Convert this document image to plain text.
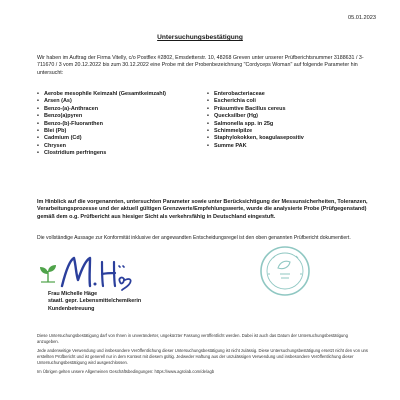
05.01.2023
Untersuchungsbestätigung

Wir haben im Auftrag der Firma Vitelly, c/o Postflex #2802, Emsdetterstr. 10, 48268 Greven unter unserer Prüfberichtsnummer 3188631 / 3-711670 / 3 vom 20.12.2022 bis zum 30.12.2022 eine Probe mit der Probenbezeichnung "Cordyceps Woman" auf folgende Parameter hin untersucht:

• Aerobe mesophile Keimzahl (Gesamtkeimzahl)
• Arsen (As)
• Benzo-(a)-Anthracen
• Benzo(a)pyren
• Benzo-(b)-Fluoranthen
• Blei (Pb)
• Cadmium (Cd)
• Chrysen
• Clostridium perfringens
• Enterobacteriaceae
• Escherichia coli
• Präsumtive Bacillus cereus
• Quecksilber (Hg)
• Salmonella spp. in 25g
• Schimmelpilze
• Staphylokokken, koagulasepositiv
• Summe PAK

Im Hinblick auf die vorgenannten, untersuchten Parameter sowie unter Berücksichtigung der Messunsicherheiten, Toleranzen, Verarbeitungsprozesse und der aktuell gültigen Grenzwerte/Empfehlungswerte, wurde die analysierte Probe (Prüfgegenstand) gemäß dem o.g. Prüfbericht aus hiesiger Sicht als verkehrsfähig in Deutschland eingestuft.

Die vollständige Aussage zur Konformität inklusive der angewandten Entscheidungsregel ist den oben genannten Prüfbericht dokumentiert.

Frau Michelle Häge
staatl. gepr. Lebensmittelchemikerin
Kundenbetreuung

Diese Untersuchungsbestätigung darf von Ihnen in unveränderter, ungekürzter Fassung veröffentlicht werden. Dabei ist auch das Datum der Untersuchungsbestätigung anzugeben.

Jede anderweitige Verwendung und insbesondere Veröffentlichung dieser Untersuchungsbestätigung ist nicht zulässig. Diese Untersuchungsbestätigung ersetzt nicht den von uns erstellten Prüfbericht und ist generell nur in dem Kontext mit diesem gültig. Jedweder Haftung aus der unzulässigen Verwendung und insbesondere Veröffentlichung dieser Untersuchungsbestätigung wird ausgeschlossen.

Im Übrigen gelten unsere Allgemeinen Geschäftsbedingungen: https://www.agrolab.com/de/agb
